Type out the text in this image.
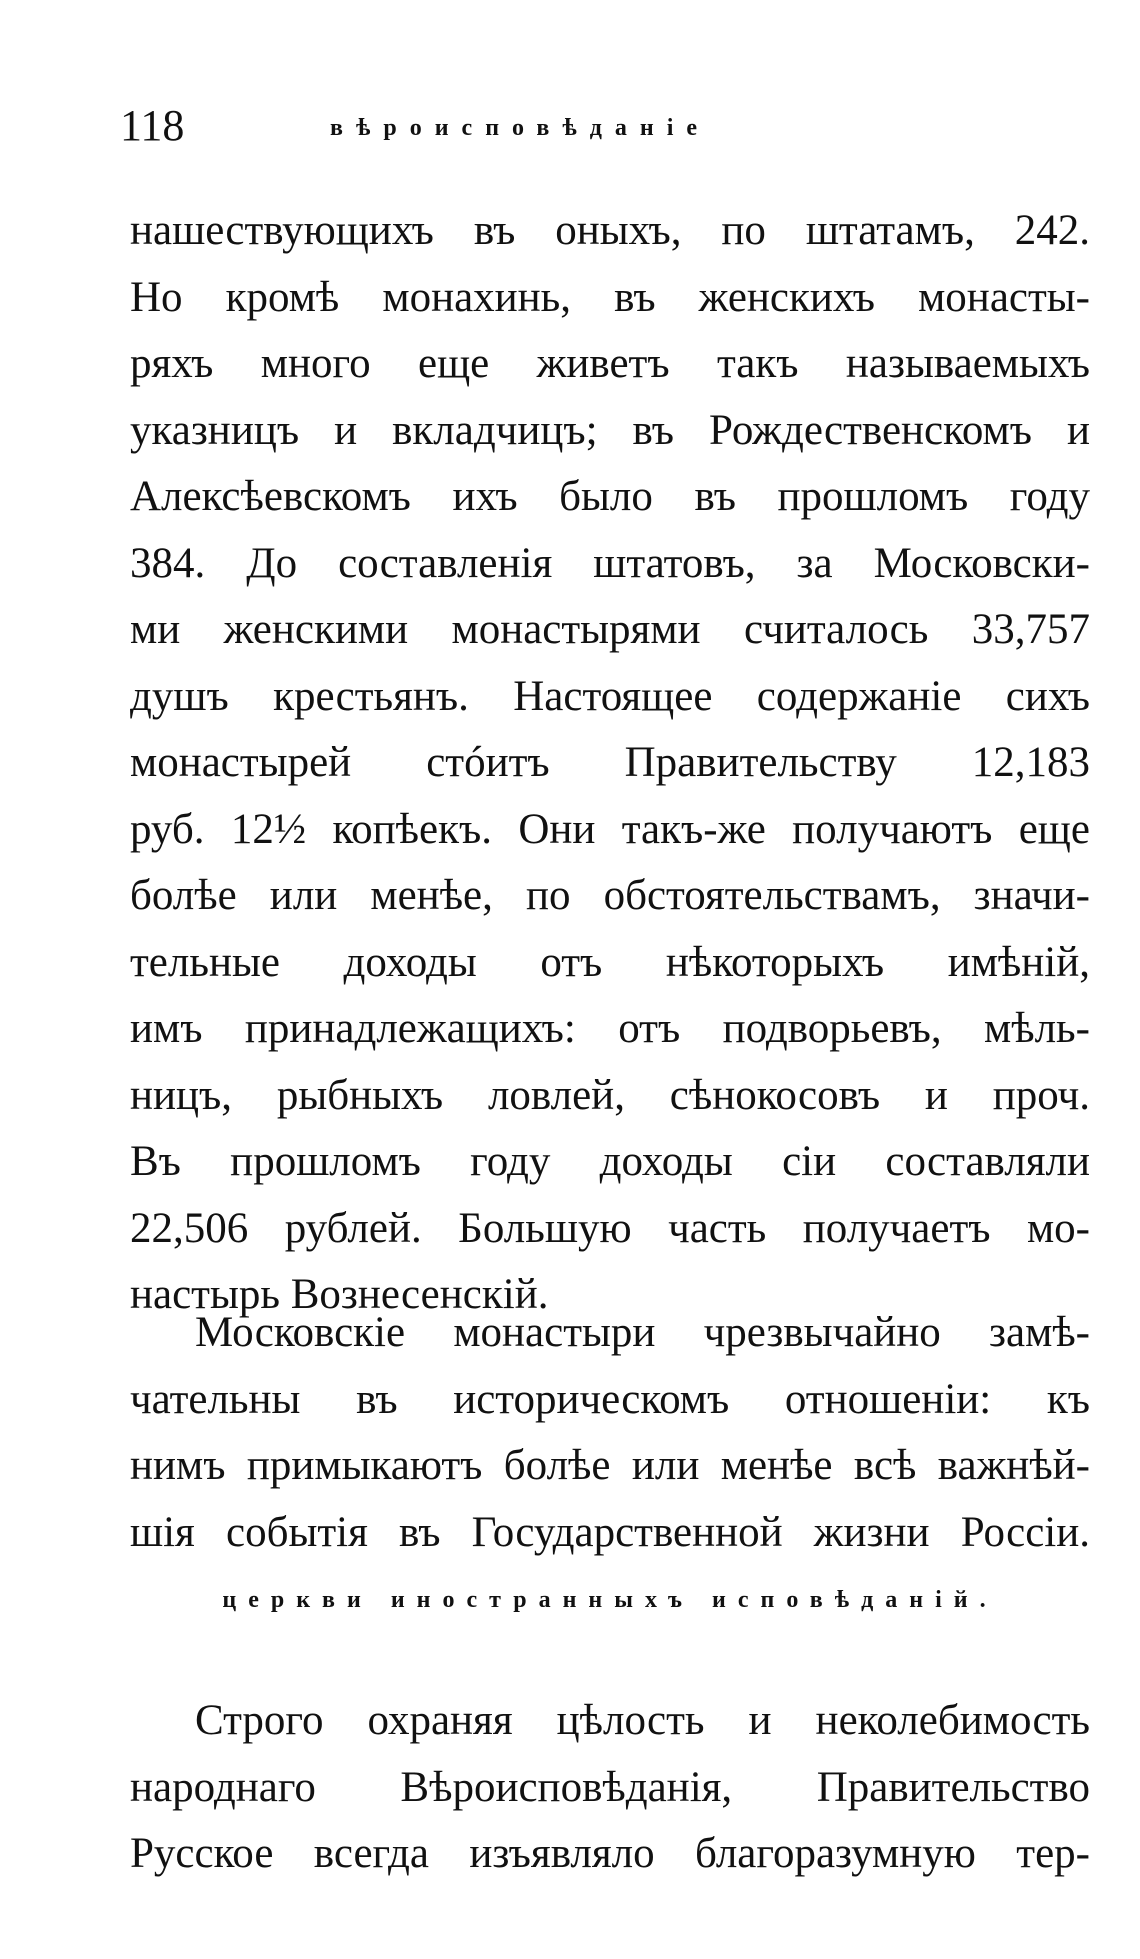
118	вѣроисповѣданіе
нашествующихъ въ оныхъ, по штатамъ, 242.
Но кромѣ монахинь, въ женскихъ монасты-
ряхъ много еще живетъ такъ называемыхъ
указницъ и вкладчицъ; въ Рождественскомъ и
Алексѣевскомъ ихъ было въ прошломъ году
384. До составленія штатовъ, за Московски-
ми женскими монастырями считалось 33,757
душъ крестьянъ. Настоящее содержаніе сихъ
монастырей стóитъ Правительству 12,183
руб. 12½ копѣекъ. Они такъ-же получаютъ еще
болѣе или менѣе, по обстоятельствамъ, значи-
тельные доходы отъ нѣкоторыхъ имѣній,
имъ принадлежащихъ: отъ подворьевъ, мѣль-
ницъ, рыбныхъ ловлей, сѣнокосовъ и проч.
Въ прошломъ году доходы сіи составляли
22,506 рублей. Большую часть получаетъ мо-
настырь Вознесенскій.
Московскіе монастыри чрезвычайно замѣ-
чательны въ историческомъ отношеніи: къ
нимъ примыкаютъ болѣе или менѣе всѣ важнѣй-
шія событія въ Государственной жизни Россіи.
церкви иностранныхъ исповѣданій.
Строго охраняя цѣлость и неколебимость
народнаго Вѣроисповѣданія, Правительство
Русское всегда изъявляло благоразумную тер-
